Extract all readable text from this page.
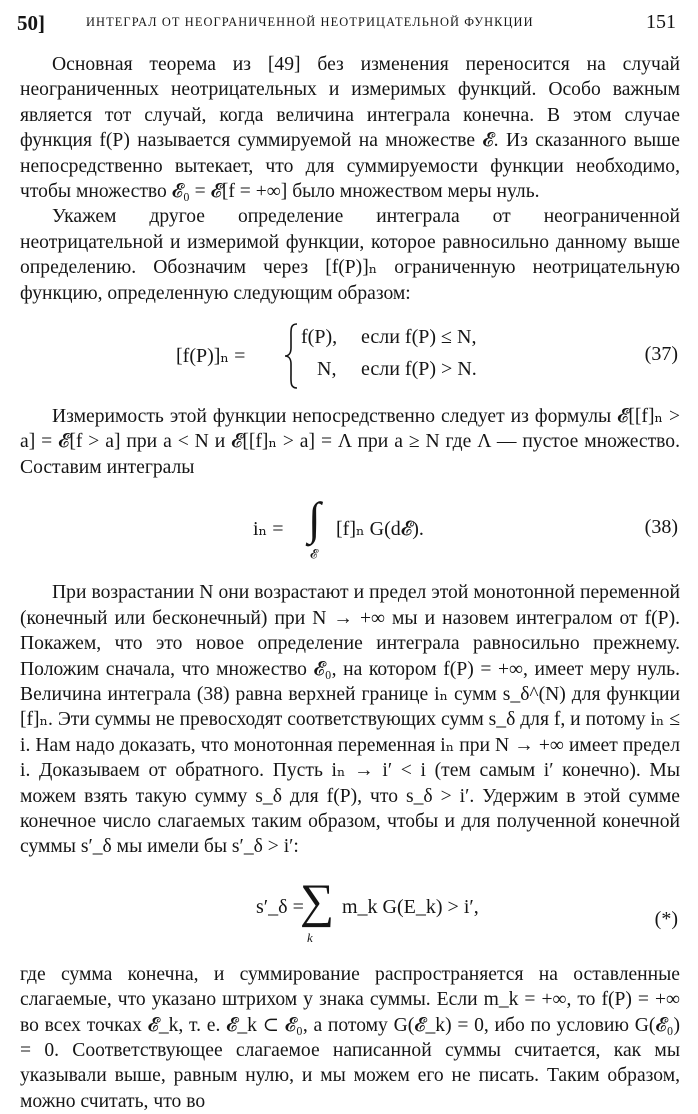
50]	ИНТЕГРАЛ ОТ НЕОГРАНИЧЕННОЙ НЕОТРИЦАТЕЛЬНОЙ ФУНКЦИИ	151

Основная теорема из [49] без изменения переносится на случай неограниченных неотрицательных и измеримых функций. Особо важным является тот случай, когда величина интеграла конечна. В этом случае функция f(P) называется суммируемой на множестве 𝓔. Из сказанного выше непосредственно вытекает, что для суммируемости функции необходимо, чтобы множество 𝓔₀ = 𝓔[f = +∞] было множеством меры нуль.

Укажем другое определение интеграла от неограниченной неотрицательной и измеримой функции, которое равносильно данному выше определению. Обозначим через [f(P)]ₙ ограниченную неотрицательную функцию, определенную следующим образом:

[f(P)]ₙ =
f(P), если f(P) ≤ N,
N, если f(P) > N.
(37)

Измеримость этой функции непосредственно следует из формулы 𝓔[[f]ₙ > a] = 𝓔[f > a] при a < N и 𝓔[[f]ₙ > a] = Λ при a ≥ N где Λ — пустое множество. Составим интегралы

iₙ = ∫
𝓔
[f]ₙ G(d𝓔).	(38)

При возрастании N они возрастают и предел этой монотонной переменной (конечный или бесконечный) при N → +∞ мы и назовем интегралом от f(P). Покажем, что это новое определение интеграла равносильно прежнему. Положим сначала, что множество 𝓔₀, на котором f(P) = +∞, имеет меру нуль. Величина интеграла (38) равна верхней границе iₙ сумм s_δ^(N) для функции [f]ₙ. Эти суммы не превосходят соответствующих сумм s_δ для f, и потому iₙ ≤ i. Нам надо доказать, что монотонная переменная iₙ при N → +∞ имеет предел i. Доказываем от обратного. Пусть iₙ → i′ < i (тем самым i′ конечно). Мы можем взять такую сумму s_δ для f(P), что s_δ > i′. Удержим в этой сумме конечное число слагаемых таким образом, чтобы и для полученной конечной суммы s′_δ мы имели бы s′_δ > i′:

s′_δ =
∑
k
m_k G(E_k) > i′,
(*)

где сумма конечна, и суммирование распространяется на оставленные слагаемые, что указано штрихом у знака суммы. Если m_k = +∞, то f(P) = +∞ во всех точках 𝓔_k, т. е. 𝓔_k ⊂ 𝓔₀, а потому G(𝓔_k) = 0, ибо по условию G(𝓔₀) = 0. Соответствующее слагаемое написанной суммы считается, как мы указывали выше, равным нулю, и мы можем его не писать. Таким образом, можно считать, что во
